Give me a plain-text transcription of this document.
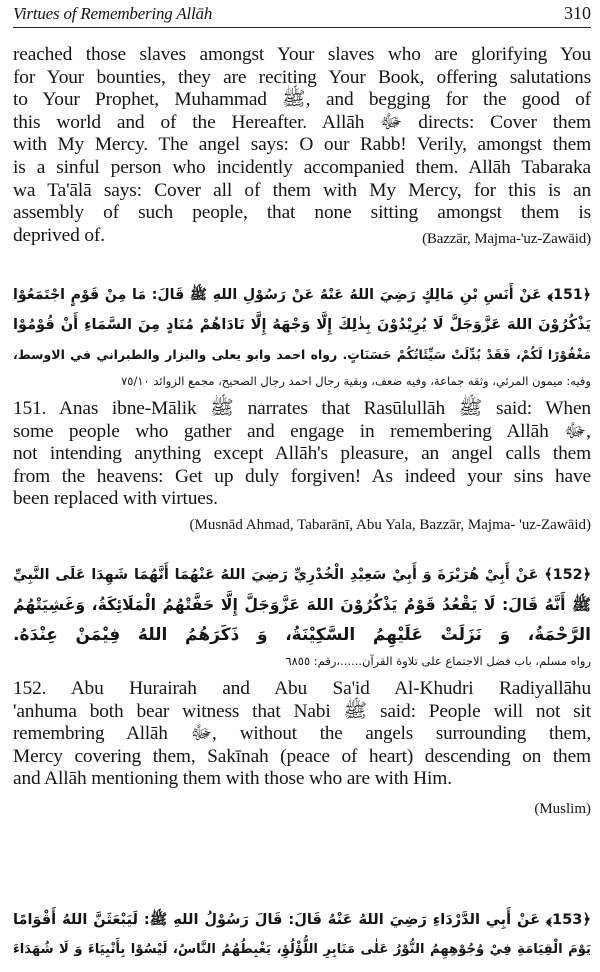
Virtues of Remembering Allāh	310
reached those slaves amongst Your slaves who are glorifying You
for Your bounties, they are reciting Your Book, offering salutations
to Your Prophet, Muhammad ﷺ, and begging for the good of
this world and of the Hereafter. Allāh ﷻ directs: Cover them
with My Mercy. The angel says: O our Rabb! Verily, amongst them
is a sinful person who incidently accompanied them. Allāh Tabaraka
wa Ta'ālā says: Cover all of them with My Mercy, for this is an
assembly of such people, that none sitting amongst them is
deprived of.	(Bazzār, Majma-'uz-Zawāid)
﴿151﴾ عَنْ أَنَسِ بْنِ مَالِكٍ رَضِيَ اللهُ عَنْهُ عَنْ رَسُوْلِ اللهِ ﷺ قَالَ: مَا مِنْ قَوْمٍ اجْتَمَعُوْا
يَذْكُرُوْنَ اللهَ عَزَّوَجَلَّ لَا يُرِيْدُوْنَ بِذٰلِكَ إِلَّا وَجْهَهُ إِلَّا نَادَاهُمْ مُنَادٍ مِنَ السَّمَاءِ أَنْ قُوْمُوْا
مَغْفُوْرًا لَكُمْ، فَقَدْ بُدِّلَتْ سَيِّئَاتُكُمْ حَسَنَاتٍ. رواه احمد وابو يعلى والبزار والطبراني في الاوسط،
وفيه: ميمون المرئي، وثقه جماعة، وفيه ضعف، وبقية رجال احمد رجال الصحيح، مجمع الزوائد ٧٥/١٠
151. Anas ibne-Mālik ﷺ narrates that Rasūlullāh ﷺ said: When
some people who gather and engage in remembering Allāh ﷻ,
not intending anything except Allāh's pleasure, an angel calls them
from the heavens: Get up duly forgiven! As indeed your sins have
been replaced with virtues.
(Musnād Ahmad, Tabarānī, Abu Yala, Bazzār, Majma- 'uz-Zawāid)
﴿152﴾ عَنْ أَبِيْ هُرَيْرَةَ وَ أَبِيْ سَعِيْدِ الْخُدْرِيِّ رَضِيَ اللهُ عَنْهُمَا أَنَّهُمَا شَهِدَا عَلَى النَّبِيِّ
ﷺ أَنَّهُ قَالَ: لَا يَقْعُدُ قَوْمٌ يَذْكُرُوْنَ اللهَ عَزَّوَجَلَّ إِلَّا حَفَّتْهُمُ الْمَلَائِكَةُ، وَغَشِيَتْهُمُ
الرَّحْمَةُ، وَ نَزَلَتْ عَلَيْهِمُ السَّكِيْنَةُ، وَ ذَكَرَهُمُ اللهُ فِيْمَنْ عِنْدَهُ.
رواه مسلم، باب فضل الاجتماع على تلاوة القرآن......،رقم: ٦٨٥٥
152. Abu Hurairah and Abu Sa'id Al-Khudri Radiyallāhu
'anhuma both bear witness that Nabi ﷺ said: People will not sit
remembring Allāh ﷻ, without the angels surrounding them,
Mercy covering them, Sakīnah (peace of heart) descending on them
and Allāh mentioning them with those who are with Him.
(Muslim)
﴿153﴾ عَنْ أَبِي الدَّرْدَاءِ رَضِيَ اللهُ عَنْهُ قَالَ: قَالَ رَسُوْلُ اللهِ ﷺ: لَيَبْعَثَنَّ اللهُ أَقْوَامًا
يَوْمَ الْقِيَامَةِ فِيْ وُجُوْهِهِمُ النُّوْرُ عَلٰى مَنَابِرِ اللُّؤْلُؤِ، يَغْبِطُهُمُ النَّاسُ، لَيْسُوْا بِأَنْبِيَاءَ وَ لَا شُهَدَاءَ
